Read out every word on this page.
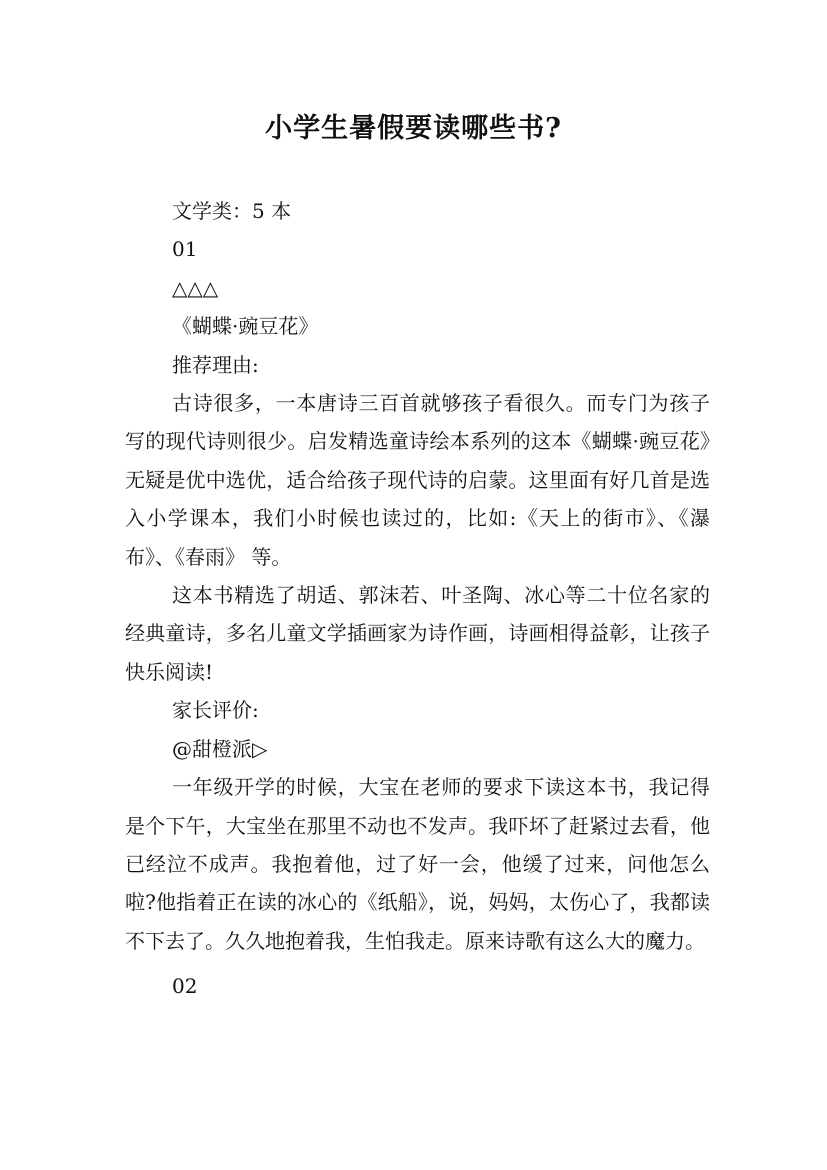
小学生暑假要读哪些书?

文学类：5 本

01

△△△

《蝴蝶·豌豆花》

推荐理由:

古诗很多，一本唐诗三百首就够孩子看很久。而专门为孩子写的现代诗则很少。启发精选童诗绘本系列的这本《蝴蝶·豌豆花》无疑是优中选优，适合给孩子现代诗的启蒙。这里面有好几首是选入小学课本，我们小时候也读过的，比如:《天上的街市》、《瀑布》、《春雨》 等。

这本书精选了胡适、郭沫若、叶圣陶、冰心等二十位名家的经典童诗，多名儿童文学插画家为诗作画，诗画相得益彰，让孩子快乐阅读!

家长评价:

@甜橙派▷

一年级开学的时候，大宝在老师的要求下读这本书，我记得是个下午，大宝坐在那里不动也不发声。我吓坏了赶紧过去看，他已经泣不成声。我抱着他，过了好一会，他缓了过来，问他怎么啦?他指着正在读的冰心的《纸船》，说，妈妈，太伤心了，我都读不下去了。久久地抱着我，生怕我走。原来诗歌有这么大的魔力。

02
